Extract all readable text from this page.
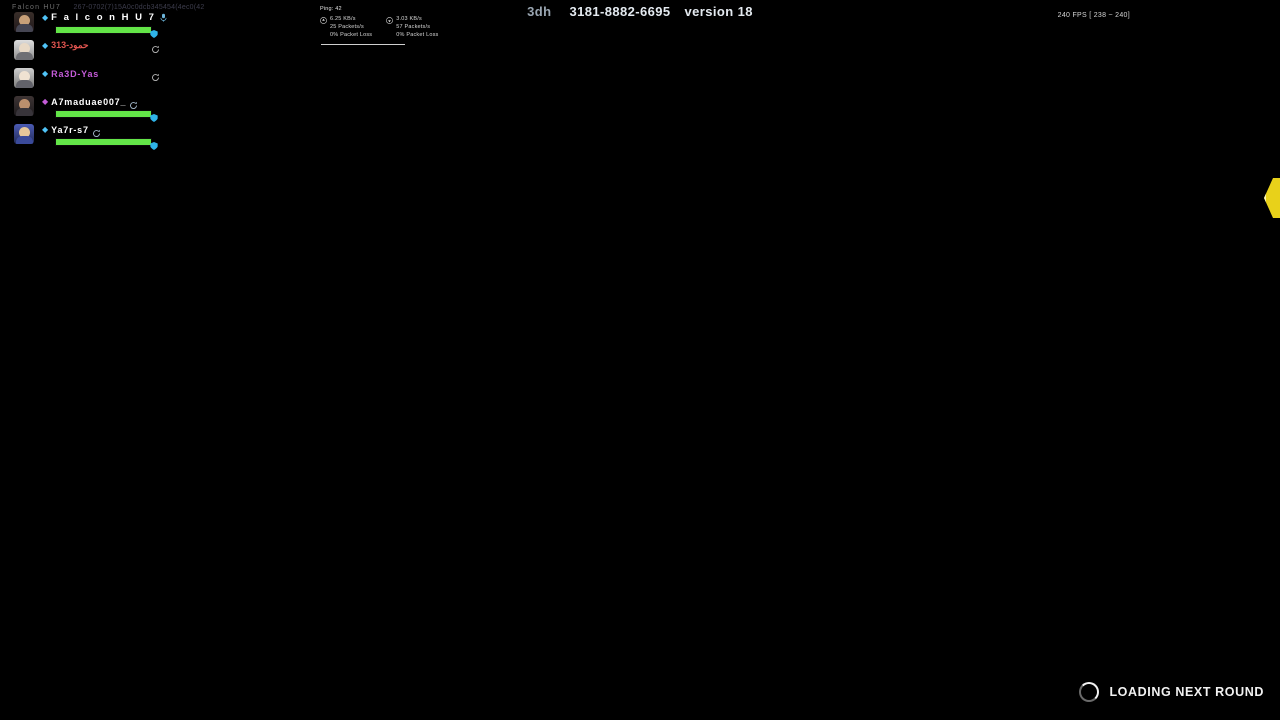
Falcon HU7 267-0702(7)15A0c0dcb345454(4ec0(42
◆ F a l c o n H U 7
◆ 313-حمود
◆ Ra3D-Yas
◆ A7maduae007_
◆ Ya7r-s7
Ping: 42
6.25 KB/s
25 Packets/s
0% Packet Loss
3.03 KB/s
57 Packets/s
0% Packet Loss
3dh 3181-8882-6695 version 18	240 FPS [ 238 ~ 240]
LOADING NEXT ROUND
